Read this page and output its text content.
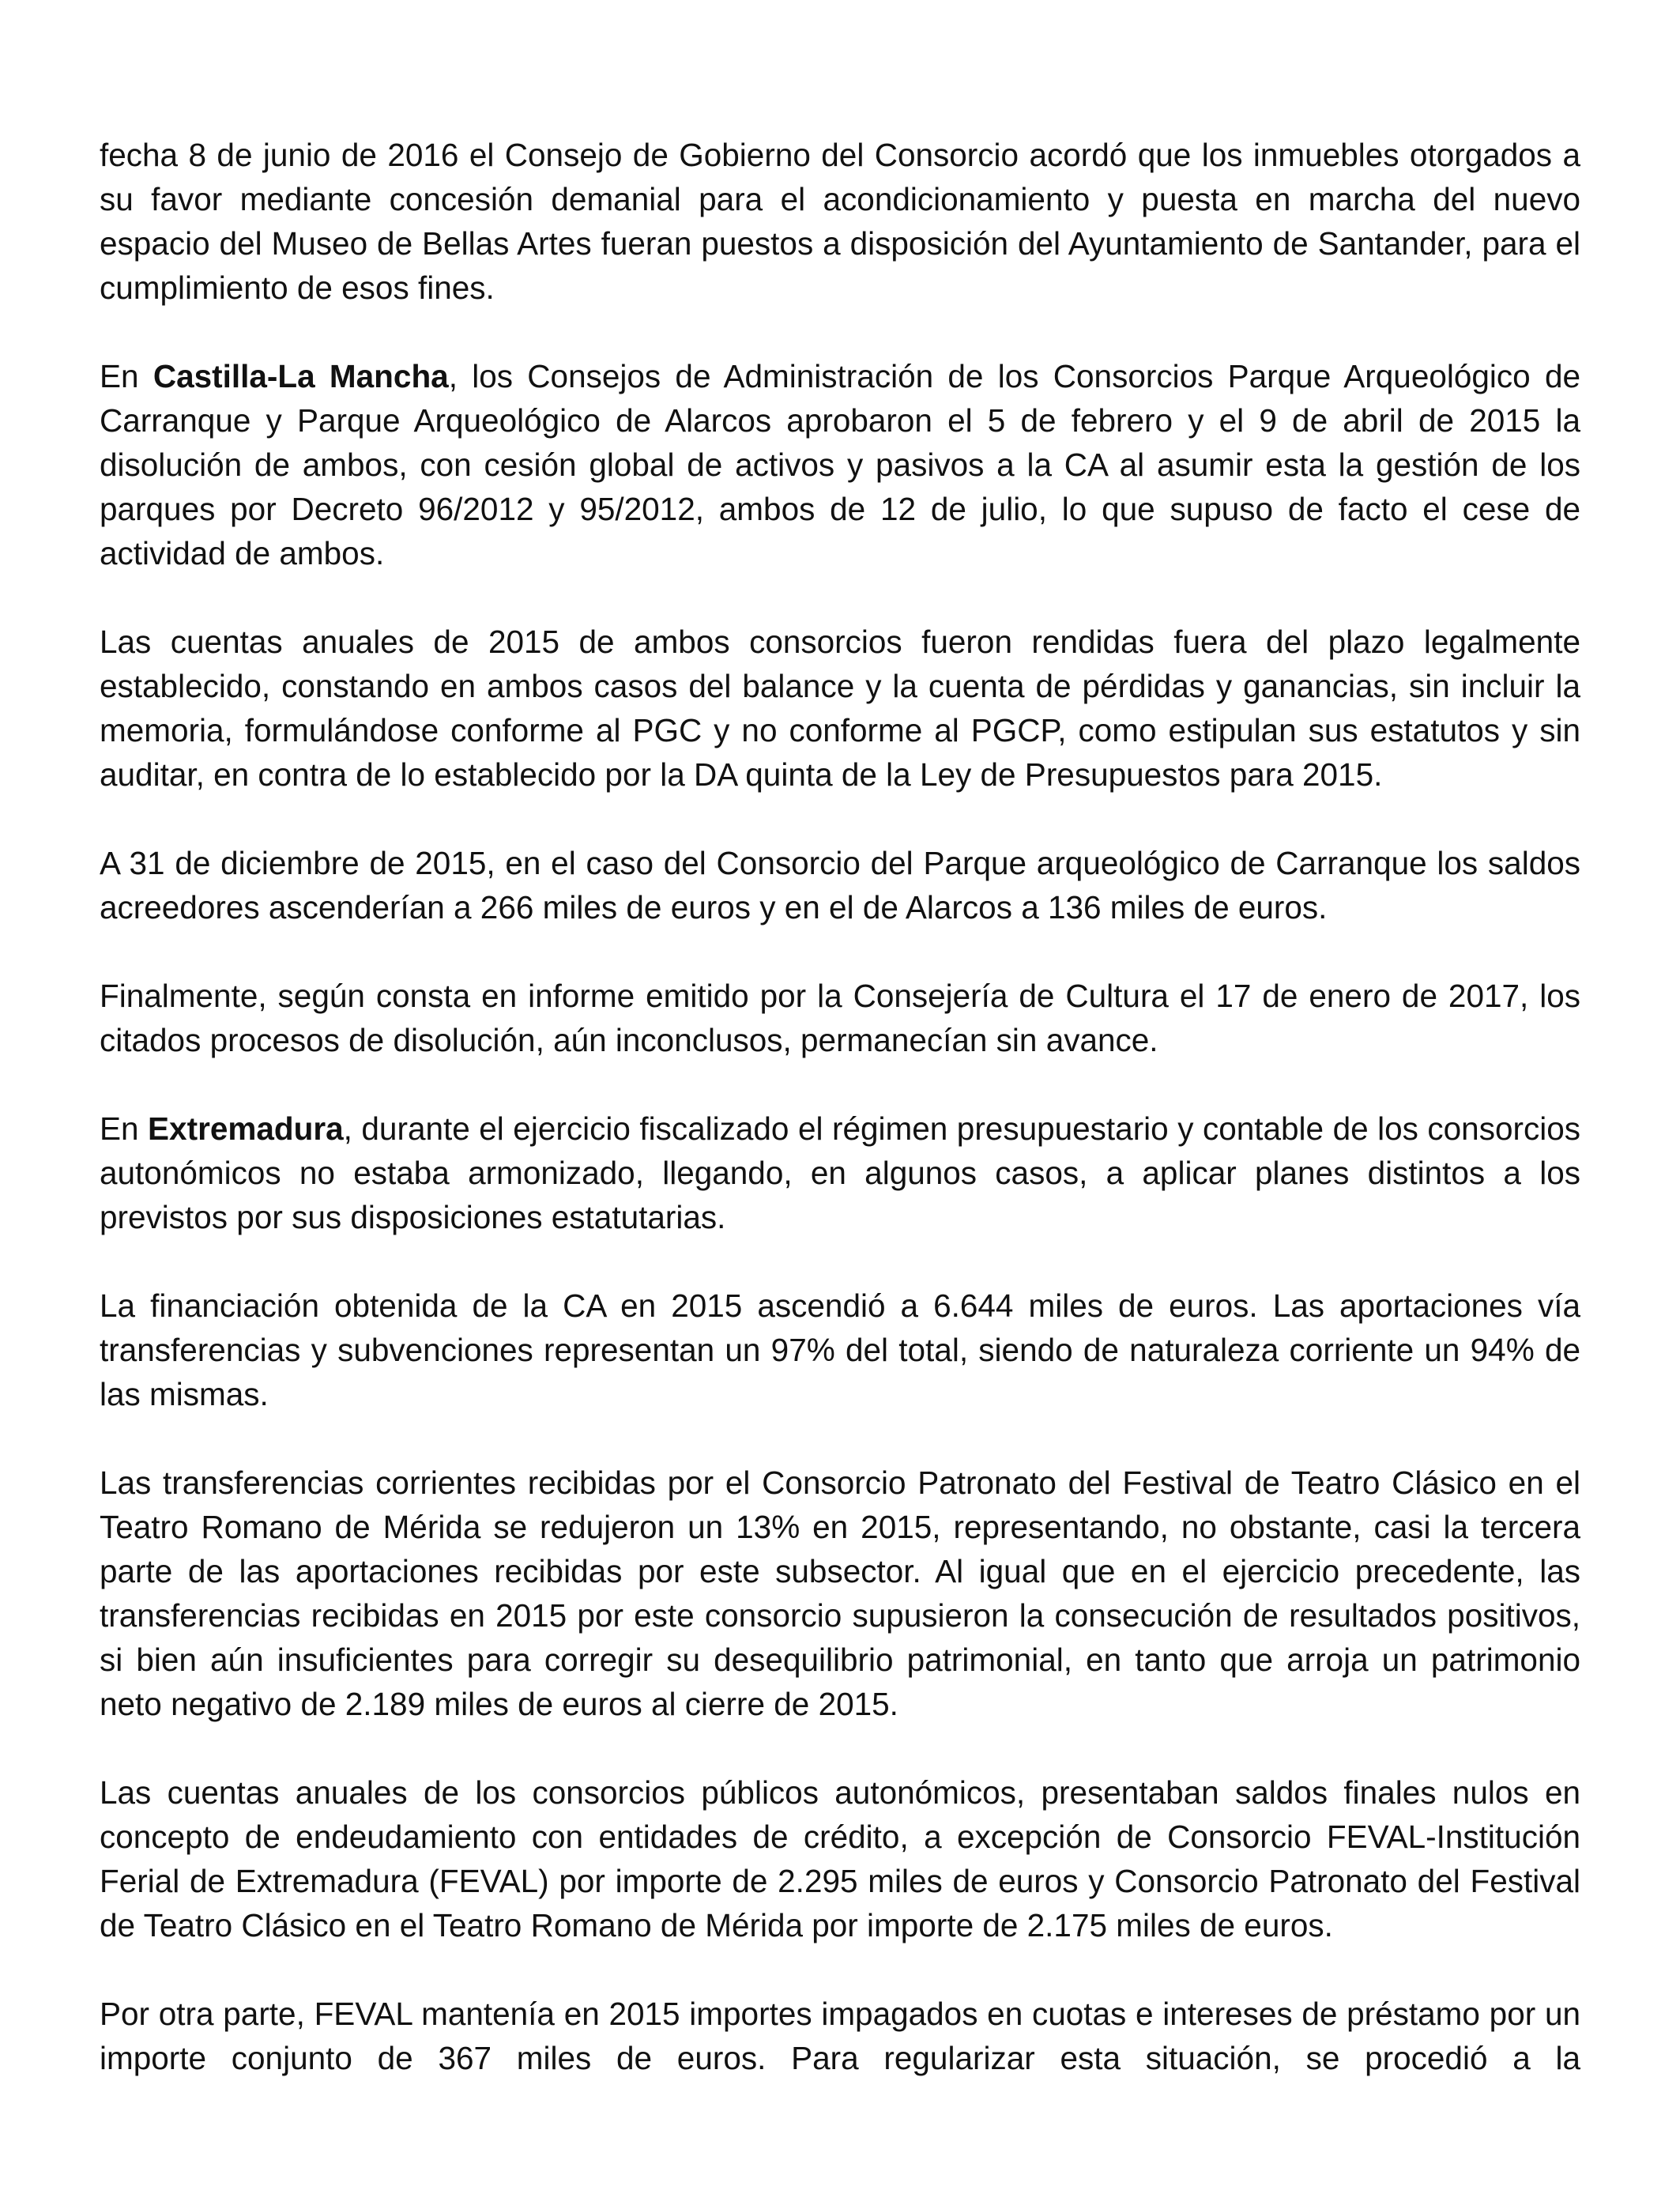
fecha 8 de junio de 2016 el Consejo de Gobierno del Consorcio acordó que los inmuebles otorgados a su favor mediante concesión demanial para el acondicionamiento y puesta en marcha del nuevo espacio del Museo de Bellas Artes fueran puestos a disposición del Ayuntamiento de Santander, para el cumplimiento de esos fines.

En Castilla-La Mancha, los Consejos de Administración de los Consorcios Parque Arqueológico de Carranque y Parque Arqueológico de Alarcos aprobaron el 5 de febrero y el 9 de abril de 2015 la disolución de ambos, con cesión global de activos y pasivos a la CA al asumir esta la gestión de los parques por Decreto 96/2012 y 95/2012, ambos de 12 de julio, lo que supuso de facto el cese de actividad de ambos.

Las cuentas anuales de 2015 de ambos consorcios fueron rendidas fuera del plazo legalmente establecido, constando en ambos casos del balance y la cuenta de pérdidas y ganancias, sin incluir la memoria, formulándose conforme al PGC y no conforme al PGCP, como estipulan sus estatutos y sin auditar, en contra de lo establecido por la DA quinta de la Ley de Presupuestos para 2015.

A 31 de diciembre de 2015, en el caso del Consorcio del Parque arqueológico de Carranque los saldos acreedores ascenderían a 266 miles de euros y en el de Alarcos a 136 miles de euros.

Finalmente, según consta en informe emitido por la Consejería de Cultura el 17 de enero de 2017, los citados procesos de disolución, aún inconclusos, permanecían sin avance.

En Extremadura, durante el ejercicio fiscalizado el régimen presupuestario y contable de los consorcios autonómicos no estaba armonizado, llegando, en algunos casos, a aplicar planes distintos a los previstos por sus disposiciones estatutarias.

La financiación obtenida de la CA en 2015 ascendió a 6.644 miles de euros. Las aportaciones vía transferencias y subvenciones representan un 97% del total, siendo de naturaleza corriente un 94% de las mismas.

Las transferencias corrientes recibidas por el Consorcio Patronato del Festival de Teatro Clásico en el Teatro Romano de Mérida se redujeron un 13% en 2015, representando, no obstante, casi la tercera parte de las aportaciones recibidas por este subsector. Al igual que en el ejercicio precedente, las transferencias recibidas en 2015 por este consorcio supusieron la consecución de resultados positivos, si bien aún insuficientes para corregir su desequilibrio patrimonial, en tanto que arroja un patrimonio neto negativo de 2.189 miles de euros al cierre de 2015.

Las cuentas anuales de los consorcios públicos autonómicos, presentaban saldos finales nulos en concepto de endeudamiento con entidades de crédito, a excepción de Consorcio FEVAL-Institución Ferial de Extremadura (FEVAL) por importe de 2.295 miles de euros y Consorcio Patronato del Festival de Teatro Clásico en el Teatro Romano de Mérida por importe de 2.175 miles de euros.

Por otra parte, FEVAL mantenía en 2015 importes impagados en cuotas e intereses de préstamo por un importe conjunto de 367 miles de euros. Para regularizar esta situación, se procedió a la
